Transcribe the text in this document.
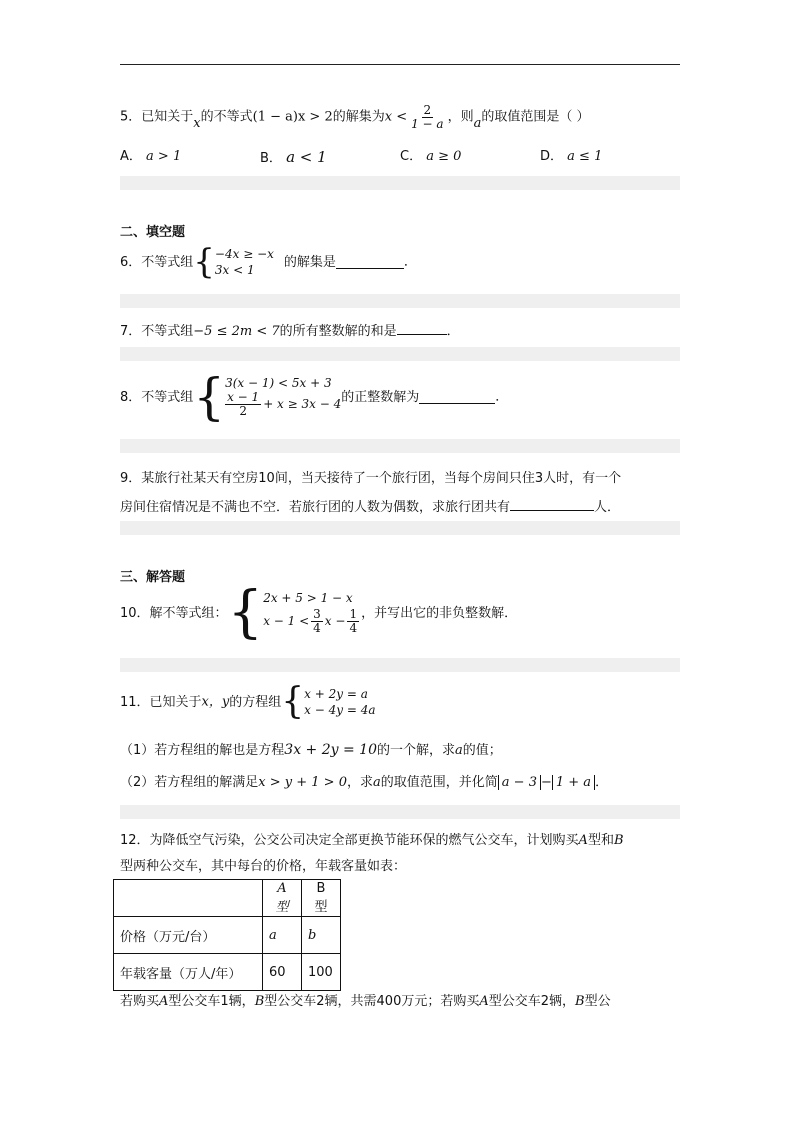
5．已知关于x的不等式(1 − a)x > 2的解集为$x < \frac{2}{1 - a}$ ，则a的取值范围是（ ）
A． a > 1	B． a < 1	C． a ≥ 0	D． a ≤ 1
二、填空题
6．不等式组 { −4x ≥ −x
3x < 1
的解集是	．
7．不等式组−5 ≤ 2m < 7的所有整数解的和是	．
8．不等式组 { 3(x − 1) < 5x + 3
$\frac{x - 1}{2} + x \ge 3x - 4$ 的正整数解为	．
9．某旅行社某天有空房10间，当天接待了一个旅行团，当每个房间只住3人时，有一个
房间住宿情况是不满也不空．若旅行团的人数为偶数，求旅行团共有	人．
三、解答题
10．解不等式组： { 2x + 5 > 1 − x
$x - 1 < \frac{3}{4}$ $x - \frac{1}{4}$ ，并写出它的非负整数解．
11．已知关于x，y的方程组 { x + 2y = a
x − 4y = 4a
（1）若方程组的解也是方程3x + 2y = 10的一个解，求a的值；
（2）若方程组的解满足x > y + 1 > 0，求a的取值范围，并化简 a − 3 − 1 + a ．
12．为降低空气污染，公交公司决定全部更换节能环保的燃气公交车，计划购买A型和B
型两种公交车，其中每台的价格，年载客量如表：
	A 型	B 型
价格（万元/台）	a	b
年载客量（万人/年）	60	100
若购买A型公交车1辆，B型公交车2辆，共需400万元；若购买A型公交车2辆，B型公
